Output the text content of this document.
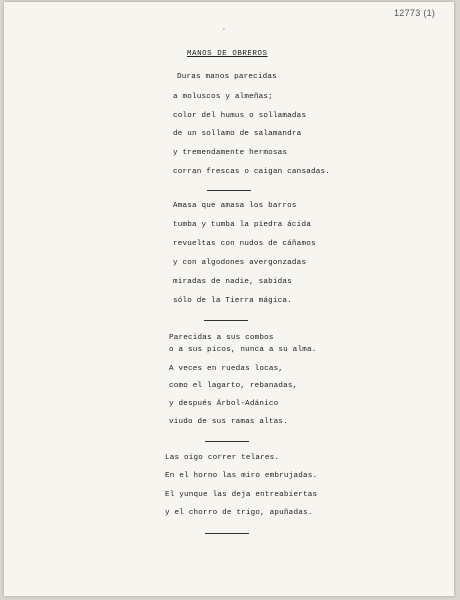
12773 (1)
∘
MANOS DE OBREROS
Duras manos parecidas
a moluscos y almeñas;
color del humus o sollamadas
de un sollamo de salamandra
y tremendamente hermosas
corran frescas o caigan cansadas.
Amasa que amasa los barros
tumba y tumba la piedra ácida
revueltas con nudos de cáñamos
y con algodones avergonzadas
miradas de nadie, sabidas
sólo de la Tierra mágica.
Parecidas a sus combos
o a sus picos, nunca a su alma.
A veces en ruedas locas,
como el lagarto, rebanadas,
y después Árbol-Adánico
viudo de sus ramas altas.
Las oigo correr telares.
En el horno las miro embrujadas.
El yunque las deja entreabiertas
y el chorro de trigo, apuñadas.
